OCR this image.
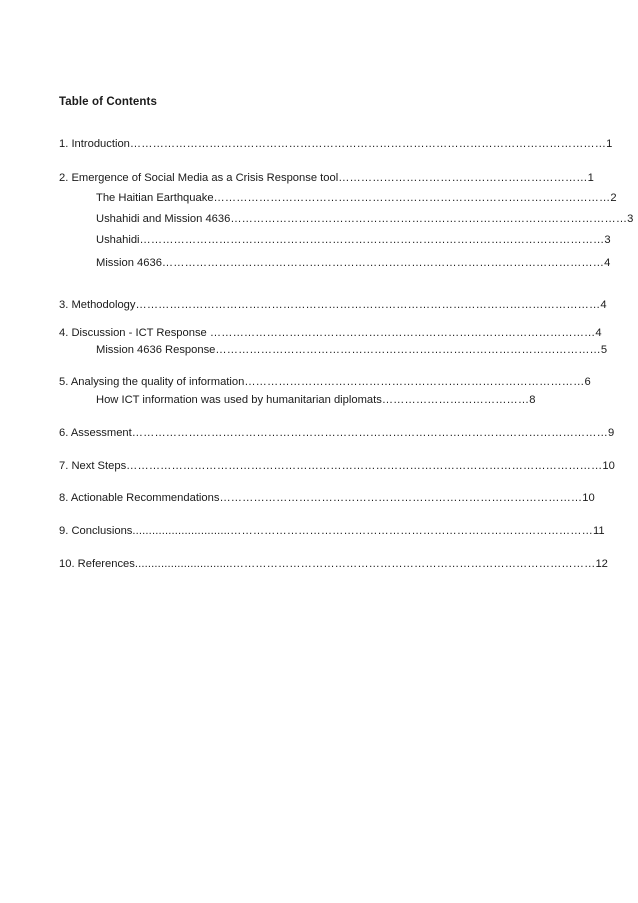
Table of Contents
1. Introduction………………………………………………………………………………………………………………1
2. Emergence of Social Media as a Crisis Response tool…………………………………………………………1
The Haitian Earthquake……………………………………………………………………………………………2
Ushahidi and Mission 4636……………………………………………………………………………………………3
Ushahidi……………………………………………………………………………………………………………3
Mission 4636………………………………………………………………………………………………………4
3. Methodology……………………………………………………………………………………………………………4
4. Discussion - ICT Response …………………………………………………………………………………………4
Mission 4636 Response…………………………………………………………………………………………5
5. Analysing the quality of information………………………………………………………………………………6
How ICT information was used by humanitarian diplomats…………………………………8
6. Assessment………………………………………………………………………………………………………………9
7. Next Steps………………………………………………………………………………………………………………10
8. Actionable Recommendations……………………………………………………………………………………10
9. Conclusions..............................……………………………………………………………………………………11
10. References..............................……………………………………………………………………………………12
